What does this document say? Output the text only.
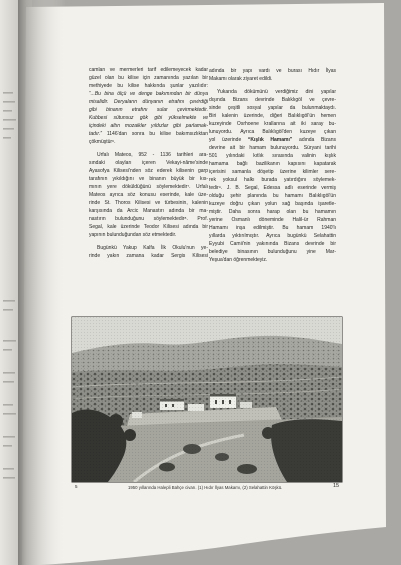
camları ve mermerleri tarif edilemeyecek kadar
güzel olan bu kilise için zamanında yazılan bir
methiyede bu kilise hakkında şunlar yazılıdır:
“...Bu bina ölçü ve denge bakımından bir dünya
misalidir. Deryaların dünyanın etrafını çevirdiği
gibi binanın etrafını sular çevirmektedir.
Kubbesi sütunsuz gök gibi yükselmekte ve
içindeki altın mozaikler yıldızlar gibi parlamak-
tadır.” 1146'dan sonra bu kilise bakımsızlıktan
çökmüştür⁶.
Urfalı Mateos, 952 - 1136 tarihleri ara-
sındaki olayları içeren Vekayi-nâme'sinde
Ayasofya Kilisesi'nden söz ederek kilisenin garp
tarafının yıkıldığını ve binanın büyük bir kıs-
mının yere döküldüğünü söylemektedir⁷. Urfalı
Mateos ayrıca söz konusu eserinde, kale üze-
rinde St. Thoros Kilisesi ve türbesinin, kalenin
karşısında da Arcic Manastırı adında bir ma-
nastırın bulunduğunu söylemektedir⁸. Prof.
Segal, kale üzerinde Teodor Kilisesi adında bir
yapının bulunduğundan söz etmektedir.
Bugünkü Yakup Kalfa İlk Okulu'nun ye-
rinde yakın zamana kadar Sergis Kilisesi
adında bir yapı vardı ve burası Hıdır İlyas
Makamı olarak ziyaret edildi.
Yukarıda dökümünü verdiğimiz dini yapılar
dışında Bizans devrinde Balıklıgöl ve çevre-
sinde çeşitli sosyal yapılar da bulunmaktaydı.
Biri kalenin üzerinde, diğeri Balıklıgöl'ün hemen
kuzeyinde Osrhoene krallarına ait iki saray bu-
lunuyordu. Ayrıca Balıklıgöl'den kuzeye çıkan
yol üzerinde “Kışlık Hamamı” adında Bizans
devrine ait bir hamam bulunuyordu. Süryani tarihi
501 yılındaki kıtlık sırasında valinin kışlık
hamama bağlı bazilikanın kapısını kapatarak
içerisini samanla döşetip üzerine kilimler sere-
rek yoksul halkı burada yatırdığını söylemek-
tedir⁹. J. B. Segal, Edessa adlı eserinde vermiş
olduğu şehir planında bu hamamı Balıklıgöl'ün
kuzeye doğru çıkan yolun sağ başında işaretle-
miştir. Daha sonra harap olan bu hamamın
yerine Osmanlı döneminde Halil-ür Rahman
Hamamı inşa edilmiştir. Bu hamam 1940'lı
yıllarda yıktırılmıştır. Ayrıca bugünkü Selahattin
Eyyubi Camii'nin yakınında Bizans devrinde bir
belediye binasının bulunduğunu yine Mar-
Yeşua'dan öğrenmekteyiz.
5	1950 yıllarında Halepli Bahçe civarı. (1) Hıdır İlyas Makamı, (2) Selahattin Köşkü.	15
